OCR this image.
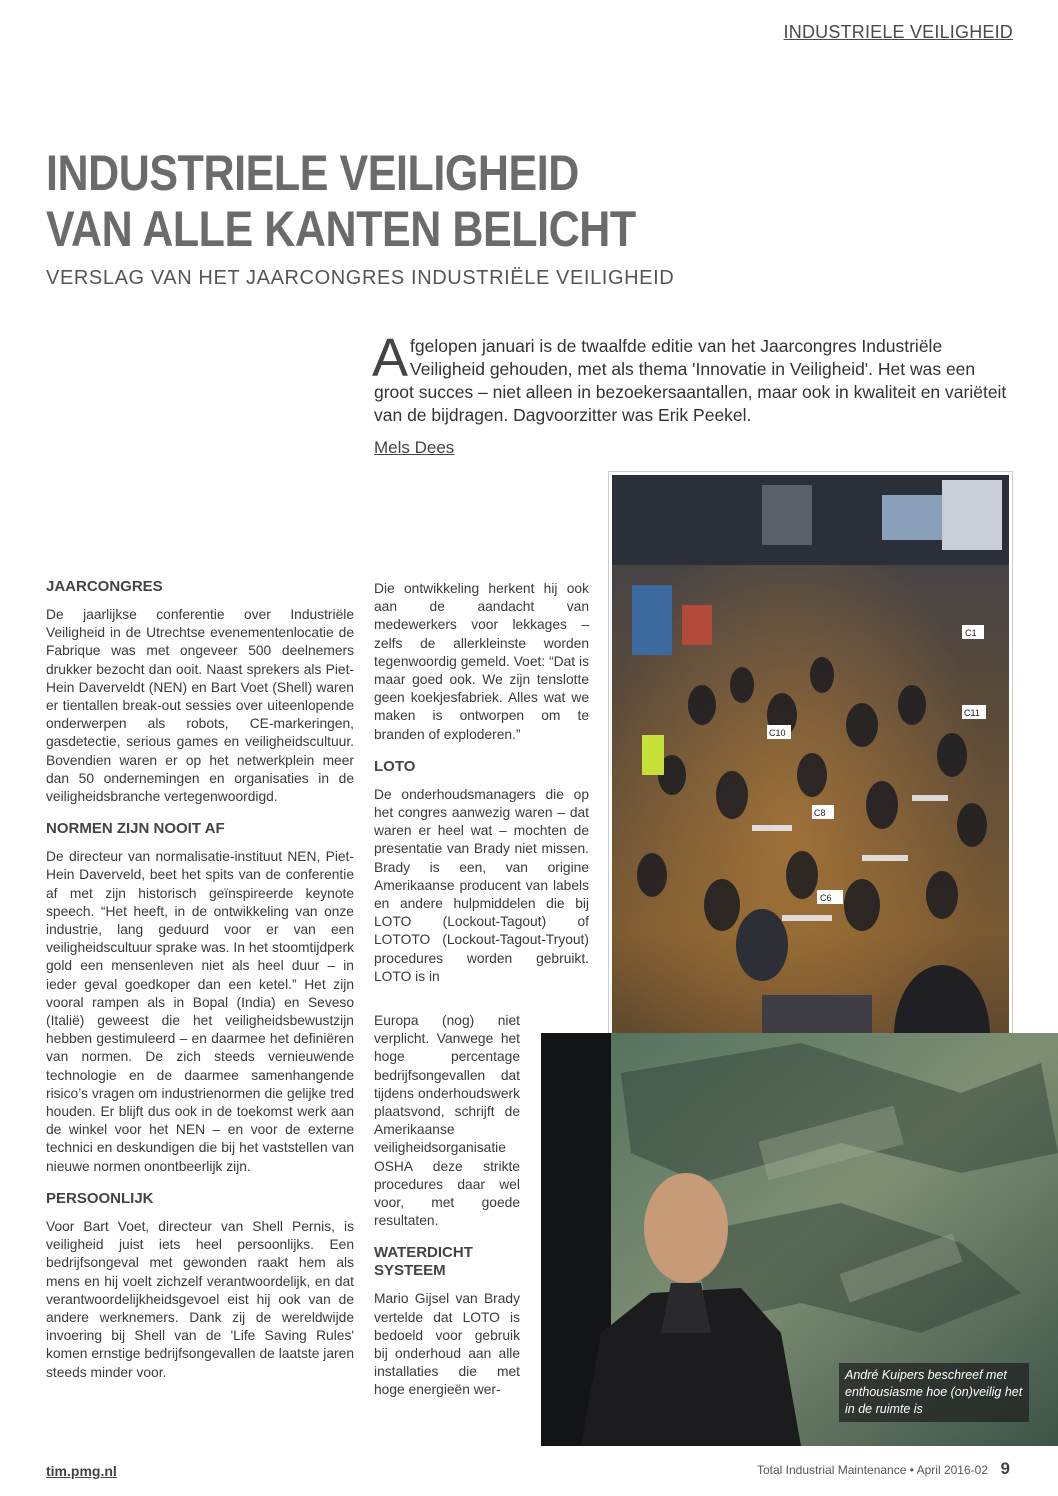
INDUSTRIELE VEILIGHEID
INDUSTRIELE VEILIGHEID
VAN ALLE KANTEN BELICHT
VERSLAG VAN HET JAARCONGRES INDUSTRIËLE VEILIGHEID
Afgelopen januari is de twaalfde editie van het Jaarcongres Industriële Veiligheid gehouden, met als thema 'Innovatie in Veiligheid'. Het was een groot succes – niet alleen in bezoekersaantallen, maar ook in kwaliteit en variëteit van de bijdragen. Dagvoorzitter was Erik Peekel.
Mels Dees
JAARCONGRES

De jaarlijkse conferentie over Industriële Veiligheid in de Utrechtse evenementenlocatie de Fabrique was met ongeveer 500 deelnemers drukker bezocht dan ooit. Naast sprekers als Piet-Hein Daverveldt (NEN) en Bart Voet (Shell) waren er tientallen break-out sessies over uiteenlopende onderwerpen als robots, CE-markeringen, gasdetectie, serious games en veiligheidscultuur. Bovendien waren er op het netwerkplein meer dan 50 ondernemingen en organisaties in de veiligheidsbranche vertegenwoordigd.

NORMEN ZIJN NOOIT AF

De directeur van normalisatie-instituut NEN, Piet-Hein Daverveld, beet het spits van de conferentie af met zijn historisch geïnspireerde keynote speech. “Het heeft, in de ontwikkeling van onze industrie, lang geduurd voor er van een veiligheidscultuur sprake was. In het stoomtijdperk gold een mensenleven niet als heel duur – in ieder geval goedkoper dan een ketel.” Het zijn vooral rampen als in Bopal (India) en Seveso (Italië) geweest die het veiligheidsbewustzijn hebben gestimuleerd – en daarmee het definiëren van normen. De zich steeds vernieuwende technologie en de daarmee samenhangende risico’s vragen om industrienormen die gelijke tred houden. Er blijft dus ook in de toekomst werk aan de winkel voor het NEN – en voor de externe technici en deskundigen die bij het vaststellen van nieuwe normen onontbeerlijk zijn.

PERSOONLIJK

Voor Bart Voet, directeur van Shell Pernis, is veiligheid juist iets heel persoonlijks. Een bedrijfsongeval met gewonden raakt hem als mens en hij voelt zichzelf verantwoordelijk, en dat verantwoordelijkheidsgevoel eist hij ook van de andere werknemers. Dank zij de wereldwijde invoering bij Shell van de 'Life Saving Rules' komen ernstige bedrijfsongevallen de laatste jaren steeds minder voor.

Die ontwikkeling herkent hij ook aan de aandacht van medewerkers voor lekkages – zelfs de allerkleinste worden tegenwoordig gemeld. Voet: “Dat is maar goed ook. We zijn tenslotte geen koekjesfabriek. Alles wat we maken is ontworpen om te branden of exploderen.”

LOTO

De onderhoudsmanagers die op het congres aanwezig waren – dat waren er heel wat – mochten de presentatie van Brady niet missen. Brady is een, van origine Amerikaanse producent van labels en andere hulpmiddelen die bij LOTO (Lockout-Tagout) of LOTOTO (Lockout-Tagout-Tryout) procedures worden gebruikt. LOTO is in

Europa (nog) niet verplicht. Vanwege het hoge percentage bedrijfsongevallen dat tijdens onderhoudswerk plaatsvond, schrijft de Amerikaanse veiligheidsorganisatie OSHA deze strikte procedures daar wel voor, met goede resultaten.

WATERDICHT SYSTEEM

Mario Gijsel van Brady vertelde dat LOTO is bedoeld voor gebruik bij onderhoud aan alle installaties die met hoge energieën wer-

C8
C6
C10
C11
C1
André Kuipers beschreef met enthousiasme hoe (on)veilig het in de ruimte is
tim.pmg.nl	Total Industrial Maintenance • April 2016-02 9
